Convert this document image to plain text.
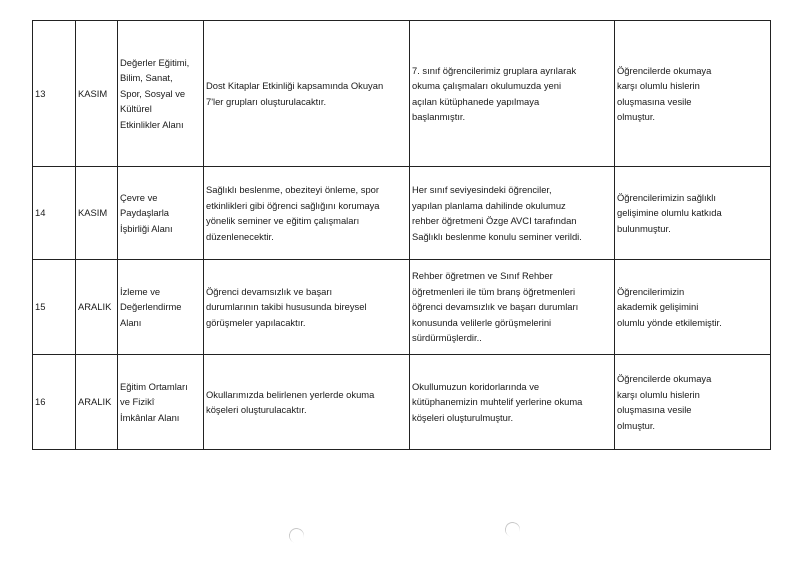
13	KASIM	Değerler Eğitimi,
Bilim, Sanat,
Spor, Sosyal ve
Kültürel
Etkinlikler Alanı	Dost Kitaplar Etkinliği kapsamında Okuyan
7'ler grupları oluşturulacaktır.	7. sınıf öğrencilerimiz gruplara ayrılarak
okuma çalışmaları okulumuzda yeni
açılan kütüphanede yapılmaya
başlanmıştır.	Öğrencilerde okumaya
karşı olumlu hislerin
oluşmasına vesile
olmuştur.

14	KASIM	Çevre ve
Paydaşlarla
İşbirliği Alanı	Sağlıklı beslenme, obeziteyi önleme, spor
etkinlikleri gibi öğrenci sağlığını korumaya
yönelik seminer ve eğitim çalışmaları
düzenlenecektir.	Her sınıf seviyesindeki öğrenciler,
yapılan planlama dahilinde okulumuz
rehber öğretmeni Özge AVCI tarafından
Sağlıklı beslenme konulu seminer verildi.	Öğrencilerimizin sağlıklı
gelişimine olumlu katkıda
bulunmuştur.

15	ARALIK	İzleme ve
Değerlendirme
Alanı	Öğrenci devamsızlık ve başarı
durumlarının takibi hususunda bireysel
görüşmeler yapılacaktır.	Rehber öğretmen ve Sınıf Rehber
öğretmenleri ile tüm branş öğretmenleri
öğrenci devamsızlık ve başarı durumları
konusunda velilerle görüşmelerini
sürdürmüşlerdir..	Öğrencilerimizin
akademik gelişimini
olumlu yönde etkilemiştir.

16	ARALIK	Eğitim Ortamları
ve Fizikî
İmkânlar Alanı	Okullarımızda belirlenen yerlerde okuma
köşeleri oluşturulacaktır.	Okullumuzun koridorlarında ve
kütüphanemizin muhtelif yerlerine okuma
köşeleri oluşturulmuştur.	Öğrencilerde okumaya
karşı olumlu hislerin
oluşmasına vesile
olmuştur.
